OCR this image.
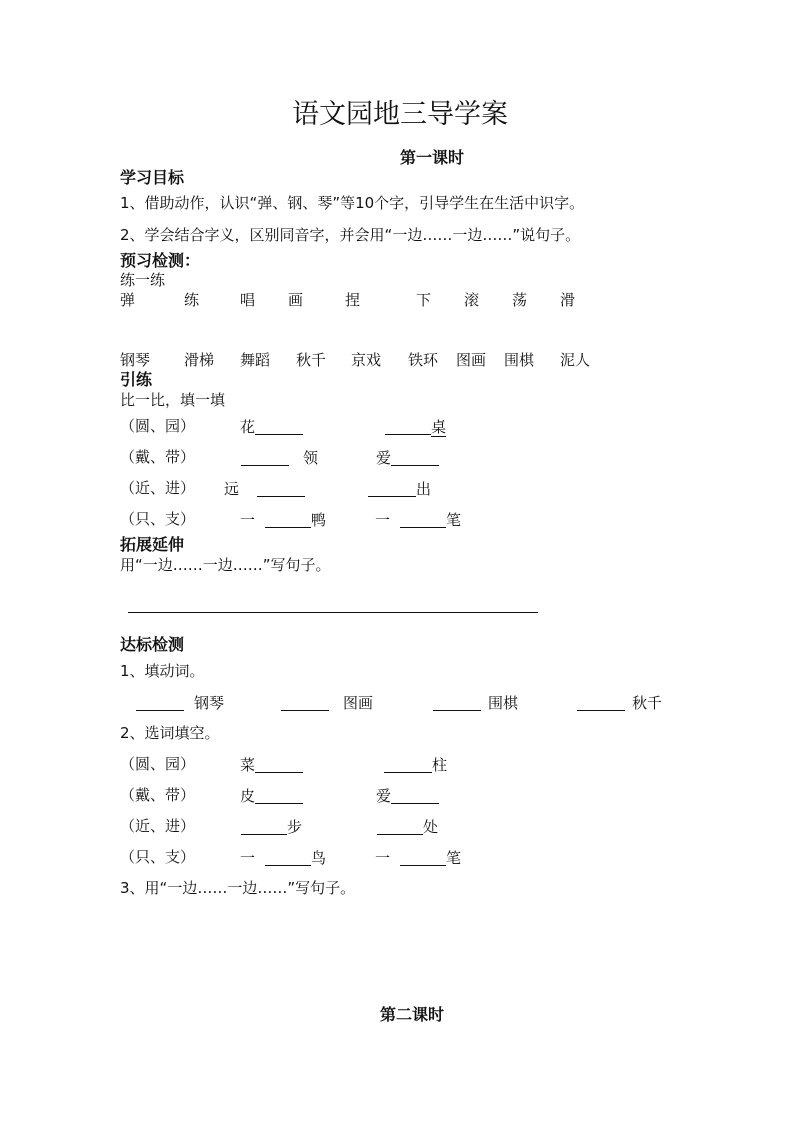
语文园地三导学案
第一课时
学习目标
1、借助动作，认识“弹、钢、琴”等10个字，引导学生在生活中识字。
2、学会结合字义，区别同音字，并会用“一边……一边……”说句子。
预习检测：
练一练
弹	练	唱 画	捏	下 滚 荡 滑
钢琴 滑梯 舞蹈 秋千 京戏 铁环 图画 围棋 泥人
引练
比一比，填一填
（圆、园）	花	桌
（戴、带）	领	爱
（近、进） 远	出
（只、支）	一	鸭	一	笔
拓展延伸
用“一边……一边……”写句子。
达标检测
1、填动词。
钢琴	图画	围棋	秋千
2、选词填空。
（圆、园）	菜	柱
（戴、带）	皮	爱
（近、进）	步	处
（只、支）	一	鸟	一	笔
3、用“一边……一边……”写句子。
第二课时
